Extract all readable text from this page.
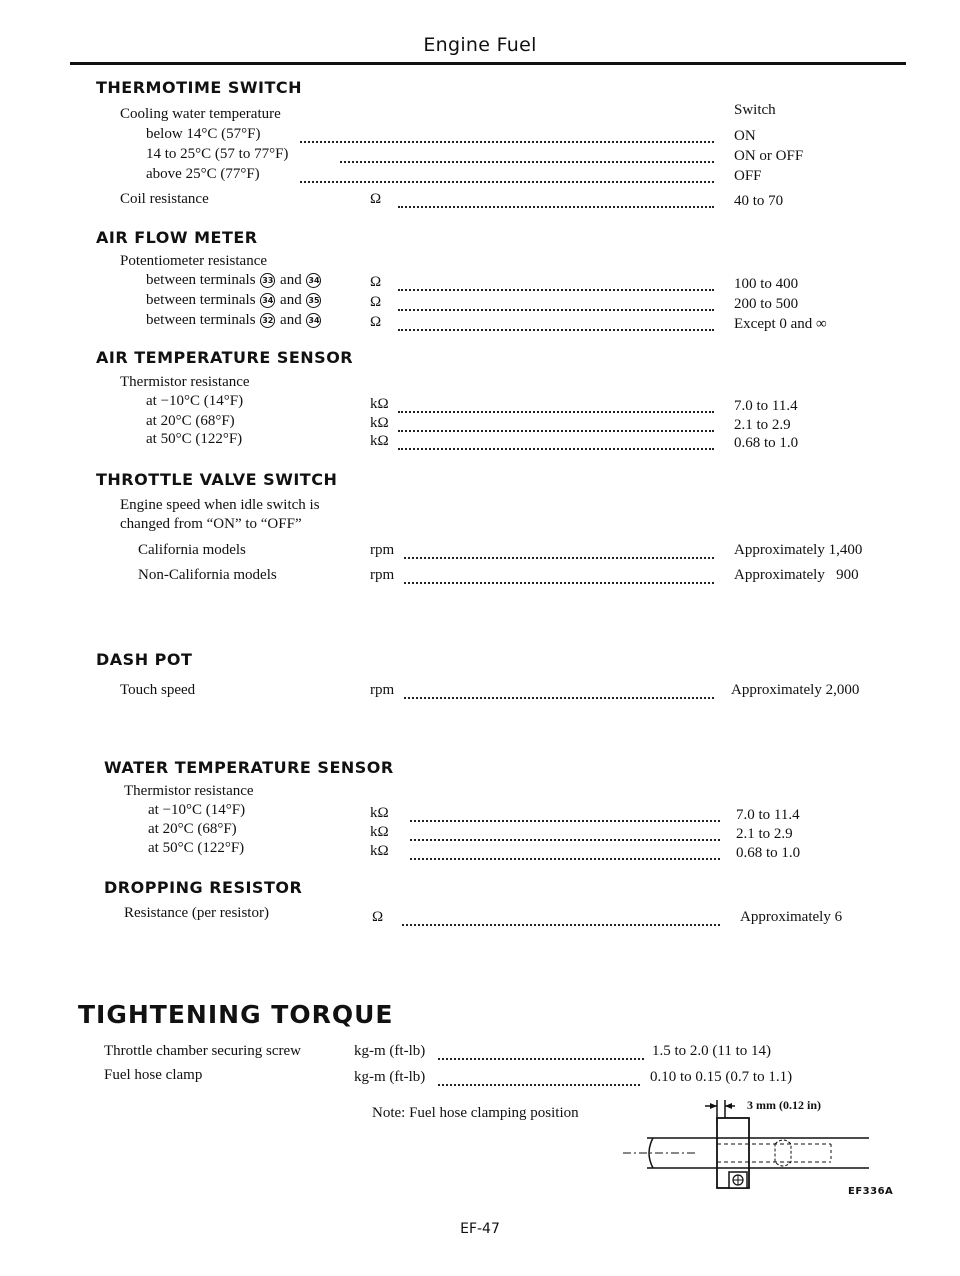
Engine Fuel
THERMOTIME SWITCH
Cooling water temperature	Switch
below 14°C (57°F)	ON
14 to 25°C (57 to 77°F)	ON or OFF
above 25°C (77°F)	OFF
Coil resistance	Ω	40 to 70
AIR FLOW METER
Potentiometer resistance
between terminals 33 and 34	Ω	100 to 400
between terminals 34 and 35	Ω	200 to 500
between terminals 32 and 34	Ω	Except 0 and ∞
AIR TEMPERATURE SENSOR
Thermistor resistance
at −10°C (14°F)	kΩ	7.0 to 11.4
at 20°C (68°F)	kΩ	2.1 to 2.9
at 50°C (122°F)	kΩ	0.68 to 1.0
THROTTLE VALVE SWITCH
Engine speed when idle switch is
changed from “ON” to “OFF”
California models	rpm	Approximately 1,400
Non-California models	rpm	Approximately   900
DASH POT
Touch speed	rpm	Approximately 2,000
WATER TEMPERATURE SENSOR
Thermistor resistance
at −10°C (14°F)	kΩ	7.0 to 11.4
at 20°C (68°F)	kΩ	2.1 to 2.9
at 50°C (122°F)	kΩ	0.68 to 1.0
DROPPING RESISTOR
Resistance (per resistor)	Ω	Approximately 6
TIGHTENING TORQUE
Throttle chamber securing screw	kg-m (ft-lb)	1.5 to 2.0 (11 to 14)
Fuel hose clamp	kg-m (ft-lb)	0.10 to 0.15 (0.7 to 1.1)
Note: Fuel hose clamping position	3 mm (0.12 in)
EF336A
EF-47
